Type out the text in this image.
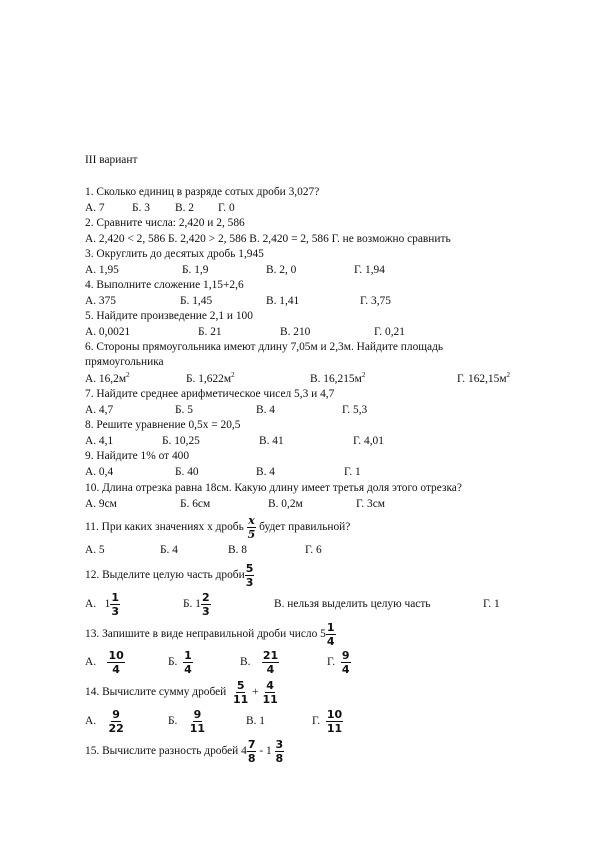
III вариант
1. Сколько единиц в разряде сотых дроби 3,027?
А. 7 Б. 3 В. 2 Г. 0
2. Сравните числа: 2,420 и 2, 586
А. 2,420 < 2, 586 Б. 2,420 > 2, 586 В. 2,420 = 2, 586 Г. не возможно сравнить
3. Округлить до десятых дробь 1,945
А. 1,95	Б. 1,9	В. 2, 0	Г. 1,94
4. Выполните сложение 1,15+2,6
А. 375	Б. 1,45	В. 1,41	Г. 3,75
5. Найдите произведение 2,1 и 100
А. 0,0021	Б. 21	В. 210	Г. 0,21
6. Стороны прямоугольника имеют длину 7,05м и 2,3м. Найдите площадь
прямоугольника
А. $16,2м^2$	Б. $1,622м^2$	В. $16,215м^2$	Г. $162,15м^2$
7. Найдите среднее арифметическое чисел 5,3 и 4,7
А. 4,7	Б. 5	В. 4	Г. 5,3
8. Решите уравнение 0,5х = 20,5
А. 4,1	Б. 10,25	В. 41	Г. 4,01
9. Найдите 1% от 400
А. 0,4	Б. 40	В. 4	Г. 1
10. Длина отрезка равна 18см. Какую длину имеет третья доля этого отрезка?
А. 9см	Б. 6см	В. 0,2м	Г. 3см
11. При каких значениях х дробь
х
5
будет правильной?
А. 5	Б. 4	В. 8	Г. 6
12. Выделите целую часть дроби $\frac{5}{3}$
А. $1 \frac{1}{3}$	Б. $1 \frac{2}{3}$	В. нельзя выделить целую часть	Г. 1
13. Запишите в виде неправильной дроби число $5 \frac{1}{4}$
А. $\frac{10}{4}$	Б. $\frac{1}{4}$	В. $\frac{21}{4}$	Г. $\frac{9}{4}$
14. Вычислите сумму дробей $\frac{5}{11} + \frac{4}{11}$
А. $\frac{9}{22}$	Б. $\frac{9}{11}$	В. 1	Г. $\frac{10}{11}$
15. Вычислите разность дробей $4 \frac{7}{8} - 1 \frac{3}{8}$
